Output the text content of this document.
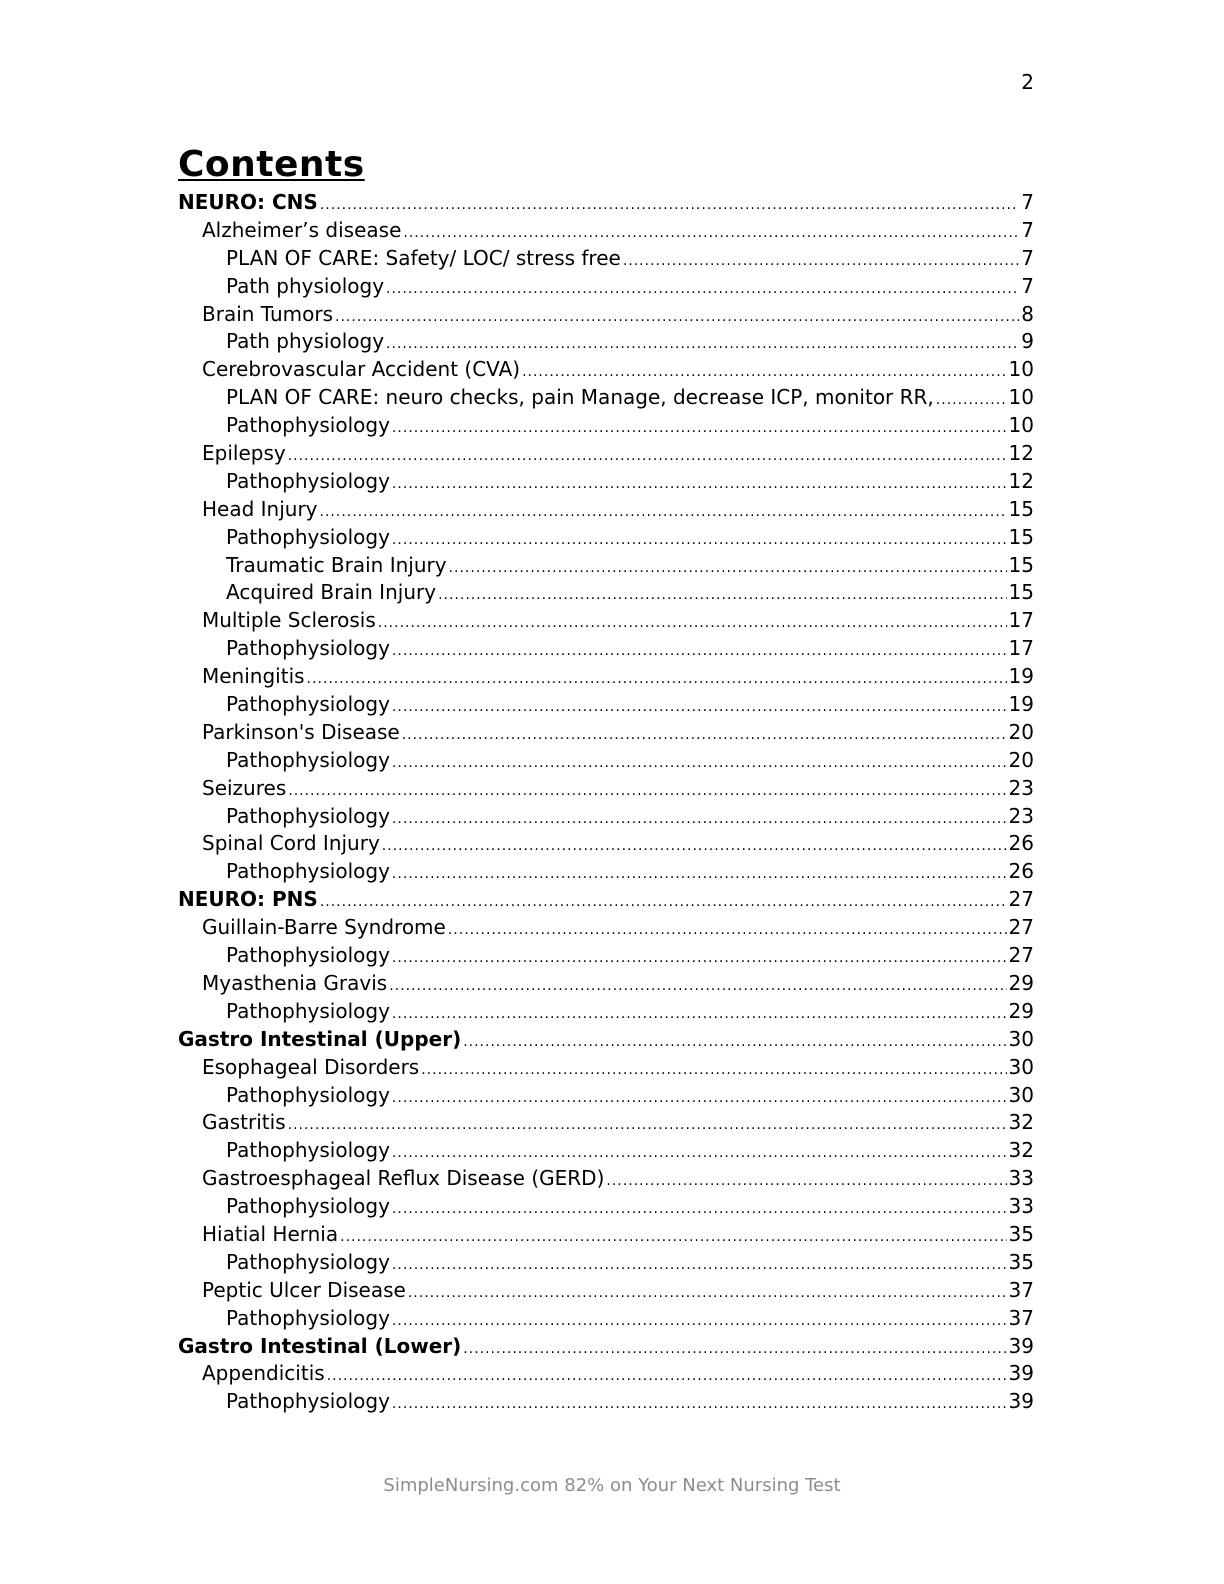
2
Contents
NEURO: CNS .....	7
Alzheimer’s disease .....	7
PLAN OF CARE: Safety/ LOC/ stress free .....	7
Path physiology .....	7
Brain Tumors .....	8
Path physiology .....	9
Cerebrovascular Accident (CVA) .....	10
PLAN OF CARE: neuro checks, pain Manage, decrease ICP, monitor RR, .....	10
Pathophysiology .....	10
Epilepsy .....	12
Pathophysiology .....	12
Head Injury .....	15
Pathophysiology .....	15
Traumatic Brain Injury .....	15
Acquired Brain Injury .....	15
Multiple Sclerosis .....	17
Pathophysiology .....	17
Meningitis .....	19
Pathophysiology .....	19
Parkinson's Disease .....	20
Pathophysiology .....	20
Seizures .....	23
Pathophysiology .....	23
Spinal Cord Injury .....	26
Pathophysiology .....	26
NEURO: PNS .....	27
Guillain-Barre Syndrome .....	27
Pathophysiology .....	27
Myasthenia Gravis .....	29
Pathophysiology .....	29
Gastro Intestinal (Upper) .....	30
Esophageal Disorders .....	30
Pathophysiology .....	30
Gastritis .....	32
Pathophysiology .....	32
Gastroesphageal Reflux Disease (GERD) .....	33
Pathophysiology .....	33
Hiatial Hernia .....	35
Pathophysiology .....	35
Peptic Ulcer Disease .....	37
Pathophysiology .....	37
Gastro Intestinal (Lower) .....	39
Appendicitis .....	39
Pathophysiology .....	39
SimpleNursing.com 82% on Your Next Nursing Test
